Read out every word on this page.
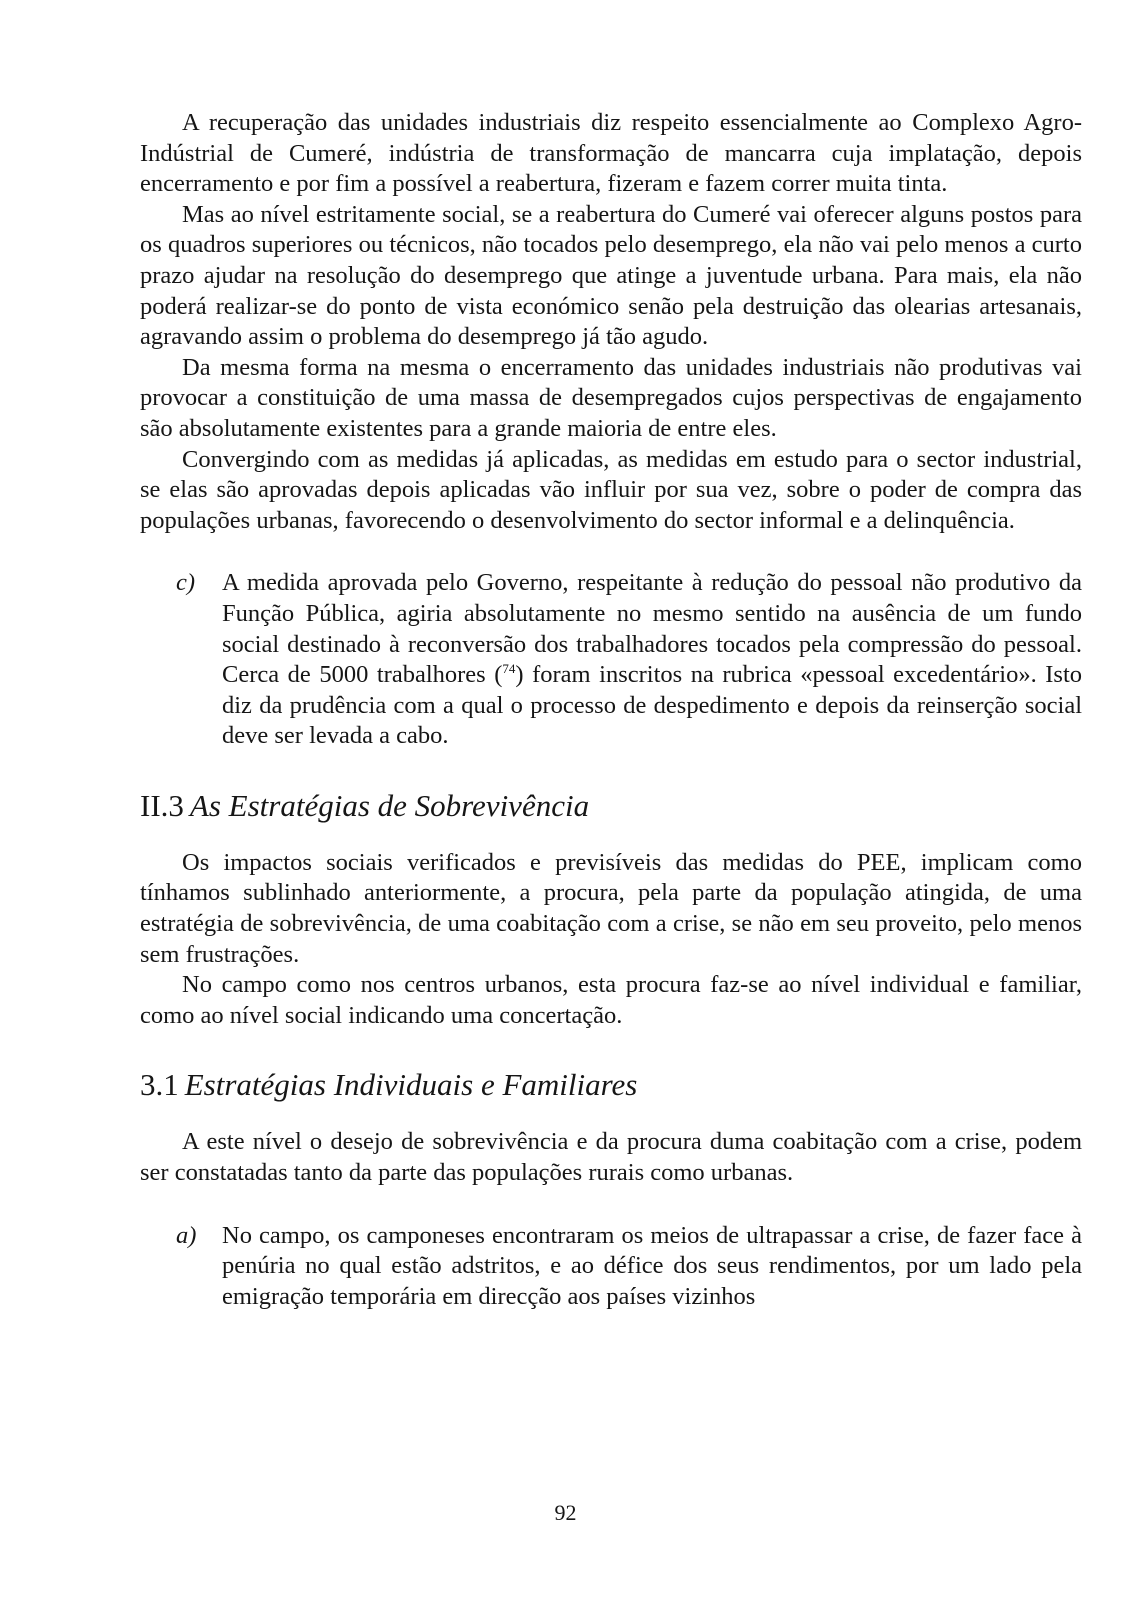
A recuperação das unidades industriais diz respeito essencialmente ao Complexo Agro-Indústrial de Cumeré, indústria de transformação de mancarra cuja implatação, depois encerramento e por fim a possível a reabertura, fizeram e fazem correr muita tinta.

Mas ao nível estritamente social, se a reabertura do Cumeré vai oferecer alguns postos para os quadros superiores ou técnicos, não tocados pelo desemprego, ela não vai pelo menos a curto prazo ajudar na resolução do desemprego que atinge a juventude urbana. Para mais, ela não poderá realizar-se do ponto de vista económico senão pela destruição das olearias artesanais, agravando assim o problema do desemprego já tão agudo.

Da mesma forma na mesma o encerramento das unidades industriais não produtivas vai provocar a constituição de uma massa de desempregados cujos perspectivas de engajamento são absolutamente existentes para a grande maioria de entre eles.

Convergindo com as medidas já aplicadas, as medidas em estudo para o sector industrial, se elas são aprovadas depois aplicadas vão influir por sua vez, sobre o poder de compra das populações urbanas, favorecendo o desenvolvimento do sector informal e a delinquência.

c) A medida aprovada pelo Governo, respeitante à redução do pessoal não produtivo da Função Pública, agiria absolutamente no mesmo sentido na ausência de um fundo social destinado à reconversão dos trabalhadores tocados pela compressão do pessoal. Cerca de 5000 trabalhores ($^{74}$) foram inscritos na rubrica «pessoal excedentário». Isto diz da prudência com a qual o processo de despedimento e depois da reinserção social deve ser levada a cabo.
II.3 As Estratégias de Sobrevivência

Os impactos sociais verificados e previsíveis das medidas do PEE, implicam como tínhamos sublinhado anteriormente, a procura, pela parte da população atingida, de uma estratégia de sobrevivência, de uma coabitação com a crise, se não em seu proveito, pelo menos sem frustrações.

No campo como nos centros urbanos, esta procura faz-se ao nível individual e familiar, como ao nível social indicando uma concertação.

3.1 Estratégias Individuais e Familiares

A este nível o desejo de sobrevivência e da procura duma coabitação com a crise, podem ser constatadas tanto da parte das populações rurais como urbanas.

a) No campo, os camponeses encontraram os meios de ultrapassar a crise, de fazer face à penúria no qual estão adstritos, e ao défice dos seus rendimentos, por um lado pela emigração temporária em direcção aos países vizinhos
92
